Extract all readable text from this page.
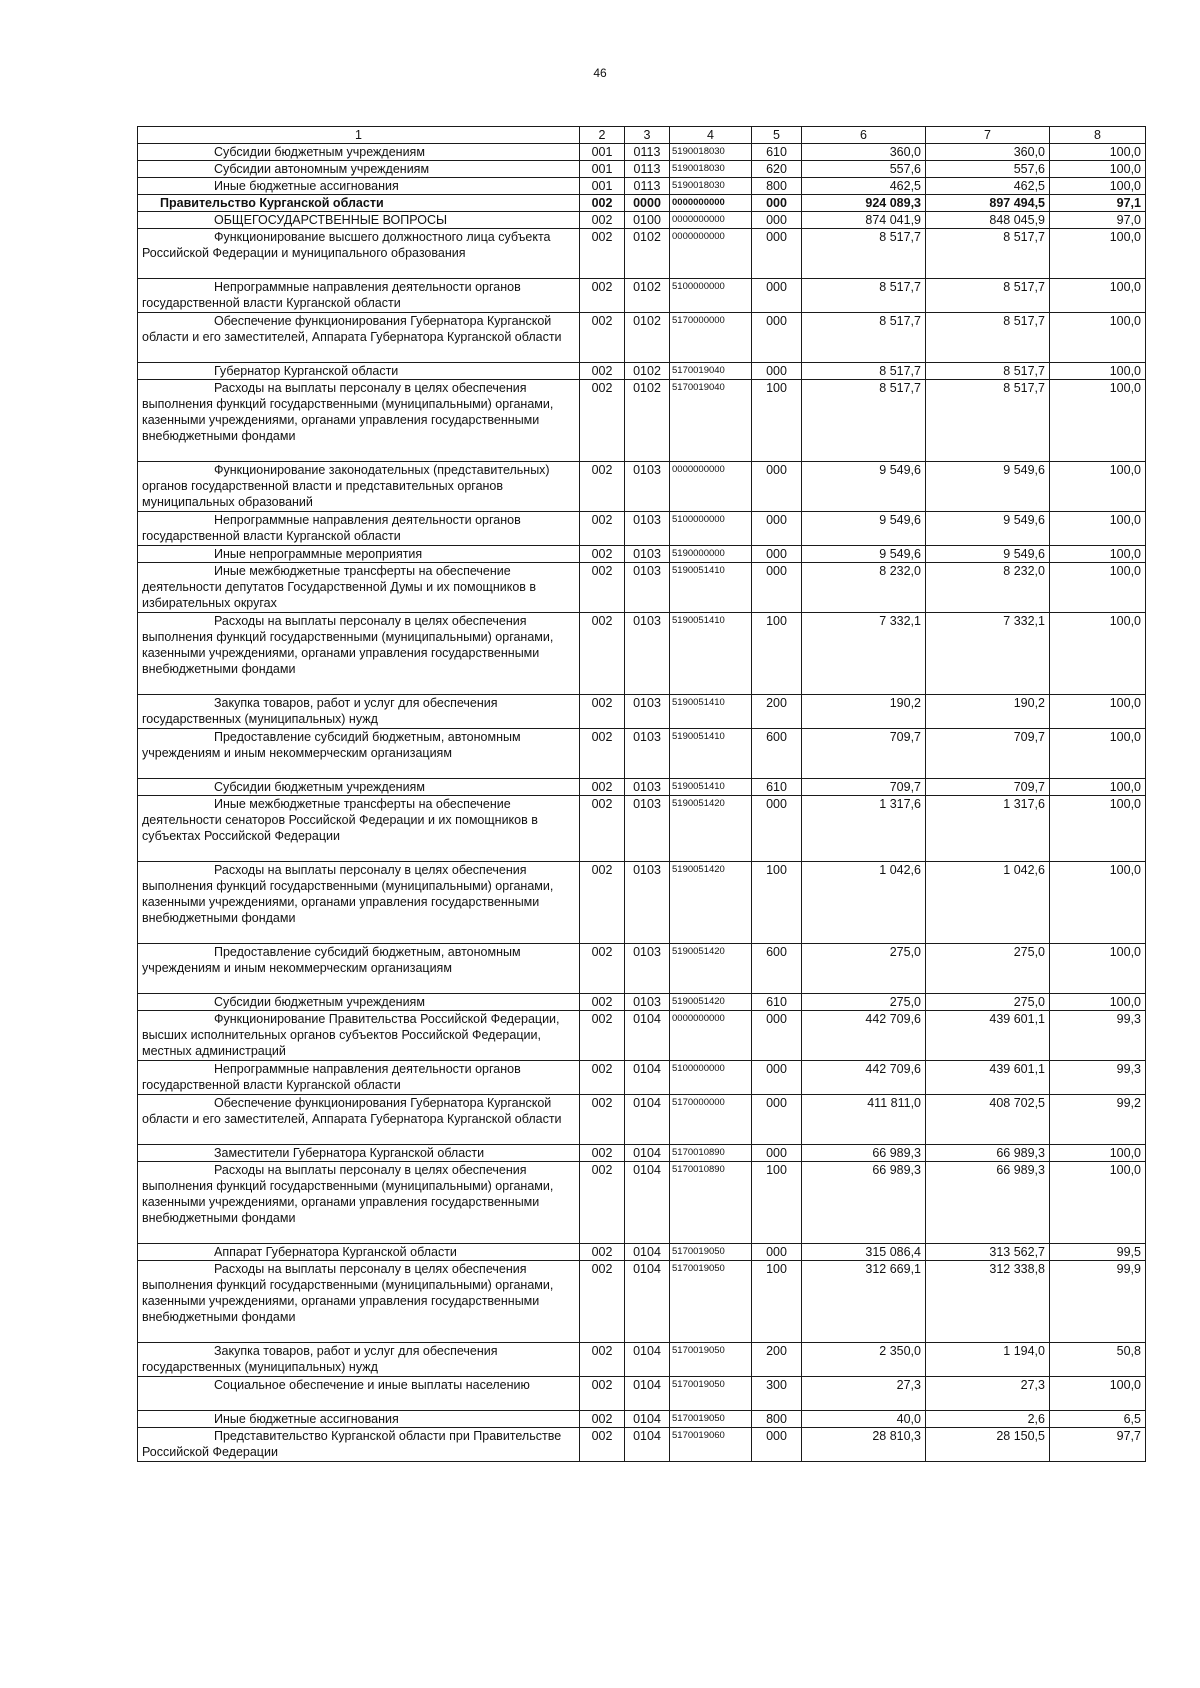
46
1	2	3	4	5	6	7	8
Субсидии бюджетным учреждениям	001	0113	5190018030	610	360,0	360,0	100,0
Субсидии автономным учреждениям	001	0113	5190018030	620	557,6	557,6	100,0
Иные бюджетные ассигнования	001	0113	5190018030	800	462,5	462,5	100,0
Правительство Курганской области	002	0000	0000000000	000	924 089,3	897 494,5	97,1
ОБЩЕГОСУДАРСТВЕННЫЕ ВОПРОСЫ	002	0100	0000000000	000	874 041,9	848 045,9	97,0
Функционирование высшего должностного лица субъекта Российской Федерации и муниципального образования	002	0102	0000000000	000	8 517,7	8 517,7	100,0
Непрограммные направления деятельности органов государственной власти Курганской области	002	0102	5100000000	000	8 517,7	8 517,7	100,0
Обеспечение функционирования Губернатора Курганской области и его заместителей, Аппарата Губернатора Курганской области	002	0102	5170000000	000	8 517,7	8 517,7	100,0
Губернатор Курганской области	002	0102	5170019040	000	8 517,7	8 517,7	100,0
Расходы на выплаты персоналу в целях обеспечения выполнения функций государственными (муниципальными) органами, казенными учреждениями, органами управления государственными внебюджетными фондами	002	0102	5170019040	100	8 517,7	8 517,7	100,0
Функционирование законодательных (представительных) органов государственной власти и представительных органов муниципальных образований	002	0103	0000000000	000	9 549,6	9 549,6	100,0
Непрограммные направления деятельности органов государственной власти Курганской области	002	0103	5100000000	000	9 549,6	9 549,6	100,0
Иные непрограммные мероприятия	002	0103	5190000000	000	9 549,6	9 549,6	100,0
Иные межбюджетные трансферты на обеспечение деятельности депутатов Государственной Думы и их помощников в избирательных округах	002	0103	5190051410	000	8 232,0	8 232,0	100,0
Расходы на выплаты персоналу в целях обеспечения выполнения функций государственными (муниципальными) органами, казенными учреждениями, органами управления государственными внебюджетными фондами	002	0103	5190051410	100	7 332,1	7 332,1	100,0
Закупка товаров, работ и услуг для обеспечения государственных (муниципальных) нужд	002	0103	5190051410	200	190,2	190,2	100,0
Предоставление субсидий бюджетным, автономным учреждениям и иным некоммерческим организациям	002	0103	5190051410	600	709,7	709,7	100,0
Субсидии бюджетным учреждениям	002	0103	5190051410	610	709,7	709,7	100,0
Иные межбюджетные трансферты на обеспечение деятельности сенаторов Российской Федерации и их помощников в субъектах Российской Федерации	002	0103	5190051420	000	1 317,6	1 317,6	100,0
Расходы на выплаты персоналу в целях обеспечения выполнения функций государственными (муниципальными) органами, казенными учреждениями, органами управления государственными внебюджетными фондами	002	0103	5190051420	100	1 042,6	1 042,6	100,0
Предоставление субсидий бюджетным, автономным учреждениям и иным некоммерческим организациям	002	0103	5190051420	600	275,0	275,0	100,0
Субсидии бюджетным учреждениям	002	0103	5190051420	610	275,0	275,0	100,0
Функционирование Правительства Российской Федерации, высших исполнительных органов субъектов Российской Федерации, местных администраций	002	0104	0000000000	000	442 709,6	439 601,1	99,3
Непрограммные направления деятельности органов государственной власти Курганской области	002	0104	5100000000	000	442 709,6	439 601,1	99,3
Обеспечение функционирования Губернатора Курганской области и его заместителей, Аппарата Губернатора Курганской области	002	0104	5170000000	000	411 811,0	408 702,5	99,2
Заместители Губернатора Курганской области	002	0104	5170010890	000	66 989,3	66 989,3	100,0
Расходы на выплаты персоналу в целях обеспечения выполнения функций государственными (муниципальными) органами, казенными учреждениями, органами управления государственными внебюджетными фондами	002	0104	5170010890	100	66 989,3	66 989,3	100,0
Аппарат Губернатора Курганской области	002	0104	5170019050	000	315 086,4	313 562,7	99,5
Расходы на выплаты персоналу в целях обеспечения выполнения функций государственными (муниципальными) органами, казенными учреждениями, органами управления государственными внебюджетными фондами	002	0104	5170019050	100	312 669,1	312 338,8	99,9
Закупка товаров, работ и услуг для обеспечения государственных (муниципальных) нужд	002	0104	5170019050	200	2 350,0	1 194,0	50,8
Социальное обеспечение и иные выплаты населению	002	0104	5170019050	300	27,3	27,3	100,0
Иные бюджетные ассигнования	002	0104	5170019050	800	40,0	2,6	6,5
Представительство Курганской области при Правительстве Российской Федерации	002	0104	5170019060	000	28 810,3	28 150,5	97,7
